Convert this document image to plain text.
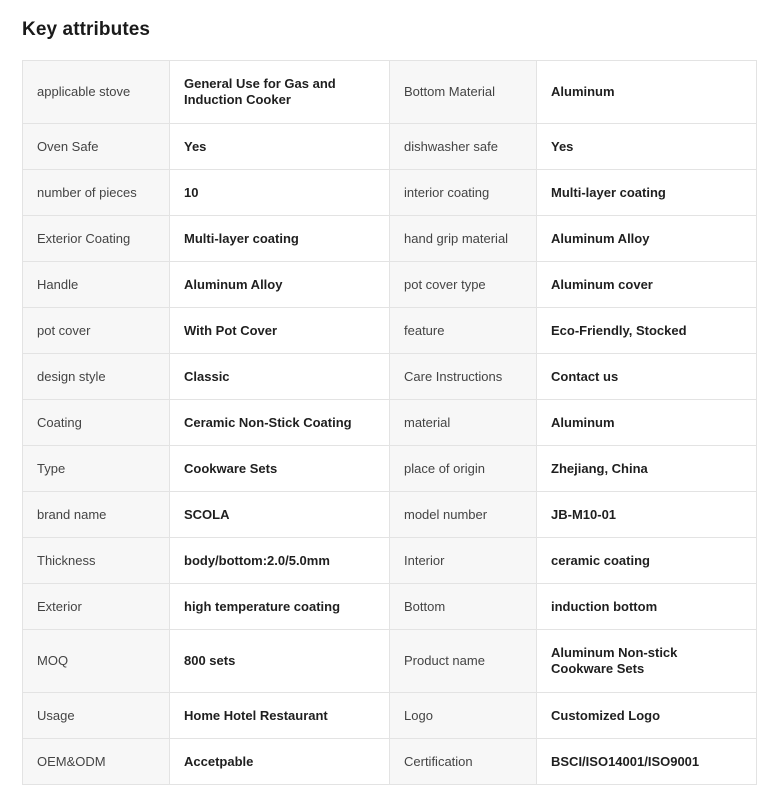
Key attributes
applicable stove	General Use for Gas and Induction Cooker	Bottom Material	Aluminum
Oven Safe	Yes	dishwasher safe	Yes
number of pieces	10	interior coating	Multi-layer coating
Exterior Coating	Multi-layer coating	hand grip material	Aluminum Alloy
Handle	Aluminum Alloy	pot cover type	Aluminum cover
pot cover	With Pot Cover	feature	Eco-Friendly, Stocked
design style	Classic	Care Instructions	Contact us
Coating	Ceramic Non-Stick Coating	material	Aluminum
Type	Cookware Sets	place of origin	Zhejiang, China
brand name	SCOLA	model number	JB-M10-01
Thickness	body/bottom:2.0/5.0mm	Interior	ceramic coating
Exterior	high temperature coating	Bottom	induction bottom
MOQ	800 sets	Product name	Aluminum Non-stick Cookware Sets
Usage	Home Hotel Restaurant	Logo	Customized Logo
OEM&ODM	Accetpable	Certification	BSCI/ISO14001/ISO9001
